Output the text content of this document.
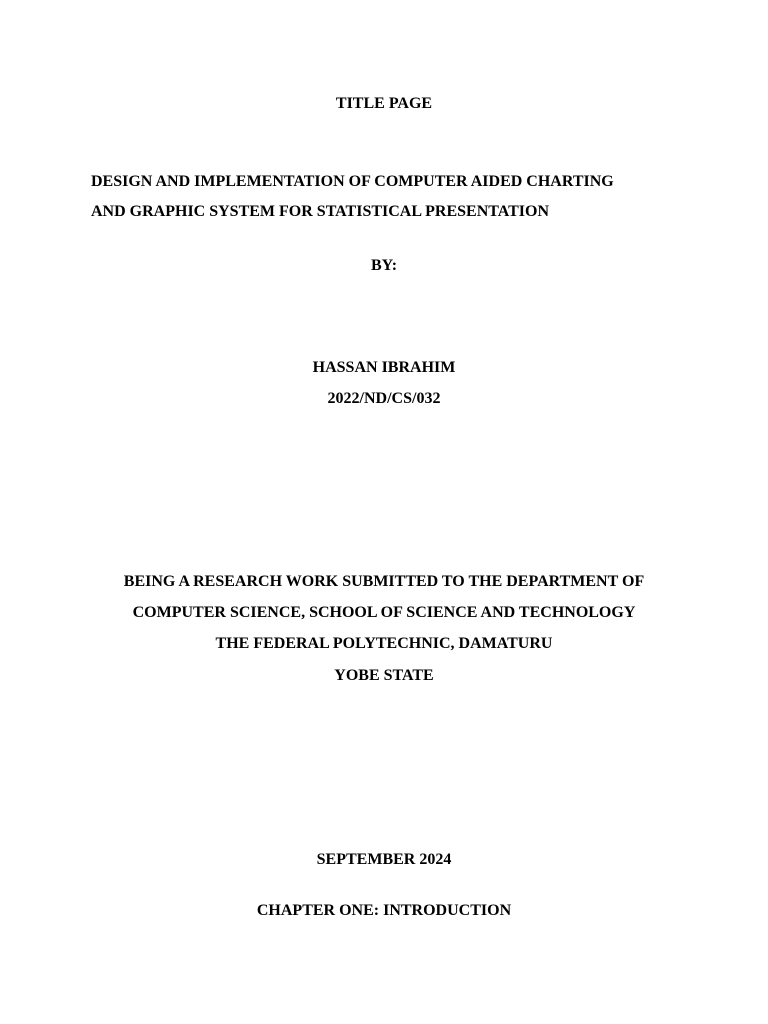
TITLE PAGE

DESIGN AND IMPLEMENTATION OF COMPUTER AIDED CHARTING

AND GRAPHIC SYSTEM FOR STATISTICAL PRESENTATION

BY:

HASSAN IBRAHIM

2022/ND/CS/032

BEING A RESEARCH WORK SUBMITTED TO THE DEPARTMENT OF

COMPUTER SCIENCE, SCHOOL OF SCIENCE AND TECHNOLOGY

THE FEDERAL POLYTECHNIC, DAMATURU

YOBE STATE

SEPTEMBER 2024

CHAPTER ONE: INTRODUCTION
